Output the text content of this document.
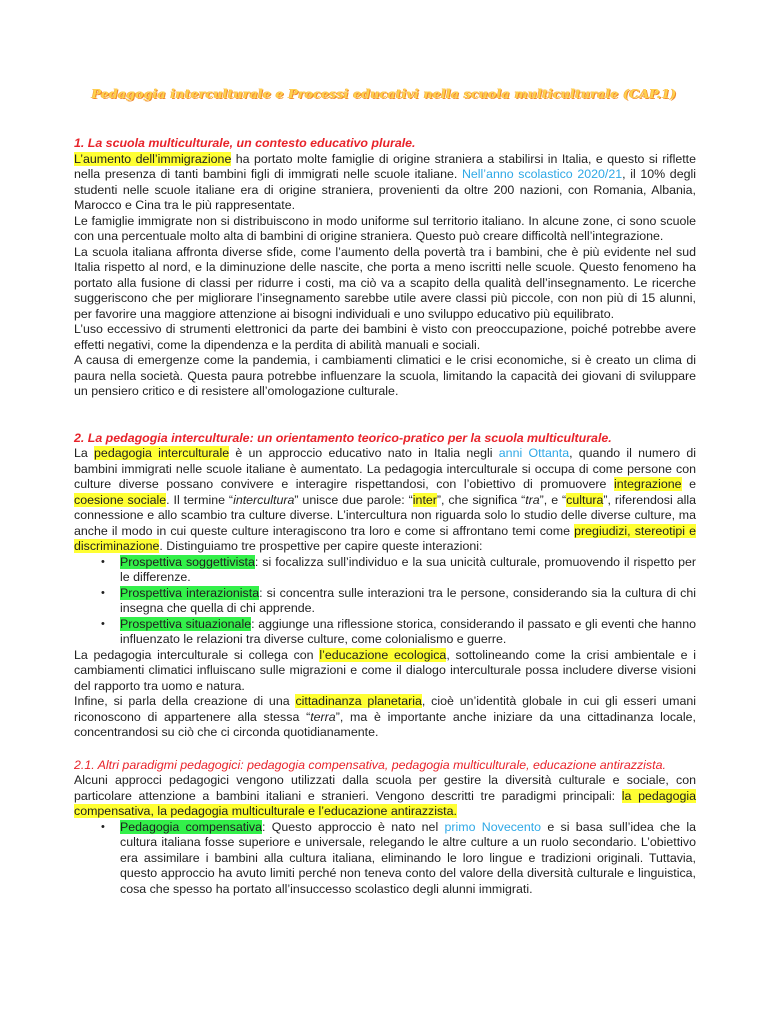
Pedagogia interculturale e Processi educativi nella scuola multiculturale (CAP.1)
1. La scuola multiculturale, un contesto educativo plurale.

L’aumento dell’immigrazione ha portato molte famiglie di origine straniera a stabilirsi in Italia, e questo si riflette nella presenza di tanti bambini figli di immigrati nelle scuole italiane. Nell’anno scolastico 2020/21, il 10% degli studenti nelle scuole italiane era di origine straniera, provenienti da oltre 200 nazioni, con Romania, Albania, Marocco e Cina tra le più rappresentate.

Le famiglie immigrate non si distribuiscono in modo uniforme sul territorio italiano. In alcune zone, ci sono scuole con una percentuale molto alta di bambini di origine straniera. Questo può creare difficoltà nell’integrazione.

La scuola italiana affronta diverse sfide, come l’aumento della povertà tra i bambini, che è più evidente nel sud Italia rispetto al nord, e la diminuzione delle nascite, che porta a meno iscritti nelle scuole. Questo fenomeno ha portato alla fusione di classi per ridurre i costi, ma ciò va a scapito della qualità dell’insegnamento. Le ricerche suggeriscono che per migliorare l’insegnamento sarebbe utile avere classi più piccole, con non più di 15 alunni, per favorire una maggiore attenzione ai bisogni individuali e uno sviluppo educativo più equilibrato.

L’uso eccessivo di strumenti elettronici da parte dei bambini è visto con preoccupazione, poiché potrebbe avere effetti negativi, come la dipendenza e la perdita di abilità manuali e sociali.

A causa di emergenze come la pandemia, i cambiamenti climatici e le crisi economiche, si è creato un clima di paura nella società. Questa paura potrebbe influenzare la scuola, limitando la capacità dei giovani di sviluppare un pensiero critico e di resistere all’omologazione culturale.

2. La pedagogia interculturale: un orientamento teorico-pratico per la scuola multiculturale.

La pedagogia interculturale è un approccio educativo nato in Italia negli anni Ottanta, quando il numero di bambini immigrati nelle scuole italiane è aumentato. La pedagogia interculturale si occupa di come persone con culture diverse possano convivere e interagire rispettandosi, con l’obiettivo di promuovere integrazione e coesione sociale. Il termine “intercultura” unisce due parole: “inter”, che significa “tra”, e “cultura”, riferendosi alla connessione e allo scambio tra culture diverse. L’intercultura non riguarda solo lo studio delle diverse culture, ma anche il modo in cui queste culture interagiscono tra loro e come si affrontano temi come pregiudizi, stereotipi e discriminazione. Distinguiamo tre prospettive per capire queste interazioni:

• Prospettiva soggettivista: si focalizza sull’individuo e la sua unicità culturale, promuovendo il rispetto per le differenze.
• Prospettiva interazionista: si concentra sulle interazioni tra le persone, considerando sia la cultura di chi insegna che quella di chi apprende.
• Prospettiva situazionale: aggiunge una riflessione storica, considerando il passato e gli eventi che hanno influenzato le relazioni tra diverse culture, come colonialismo e guerre.

La pedagogia interculturale si collega con l’educazione ecologica, sottolineando come la crisi ambientale e i cambiamenti climatici influiscano sulle migrazioni e come il dialogo interculturale possa includere diverse visioni del rapporto tra uomo e natura.

Infine, si parla della creazione di una cittadinanza planetaria, cioè un’identità globale in cui gli esseri umani riconoscono di appartenere alla stessa “terra”, ma è importante anche iniziare da una cittadinanza locale, concentrandosi su ciò che ci circonda quotidianamente.

2.1. Altri paradigmi pedagogici: pedagogia compensativa, pedagogia multiculturale, educazione antirazzista.

Alcuni approcci pedagogici vengono utilizzati dalla scuola per gestire la diversità culturale e sociale, con particolare attenzione a bambini italiani e stranieri. Vengono descritti tre paradigmi principali: la pedagogia compensativa, la pedagogia multiculturale e l’educazione antirazzista.

• Pedagogia compensativa: Questo approccio è nato nel primo Novecento e si basa sull’idea che la cultura italiana fosse superiore e universale, relegando le altre culture a un ruolo secondario. L’obiettivo era assimilare i bambini alla cultura italiana, eliminando le loro lingue e tradizioni originali. Tuttavia, questo approccio ha avuto limiti perché non teneva conto del valore della diversità culturale e linguistica, cosa che spesso ha portato all’insuccesso scolastico degli alunni immigrati.
